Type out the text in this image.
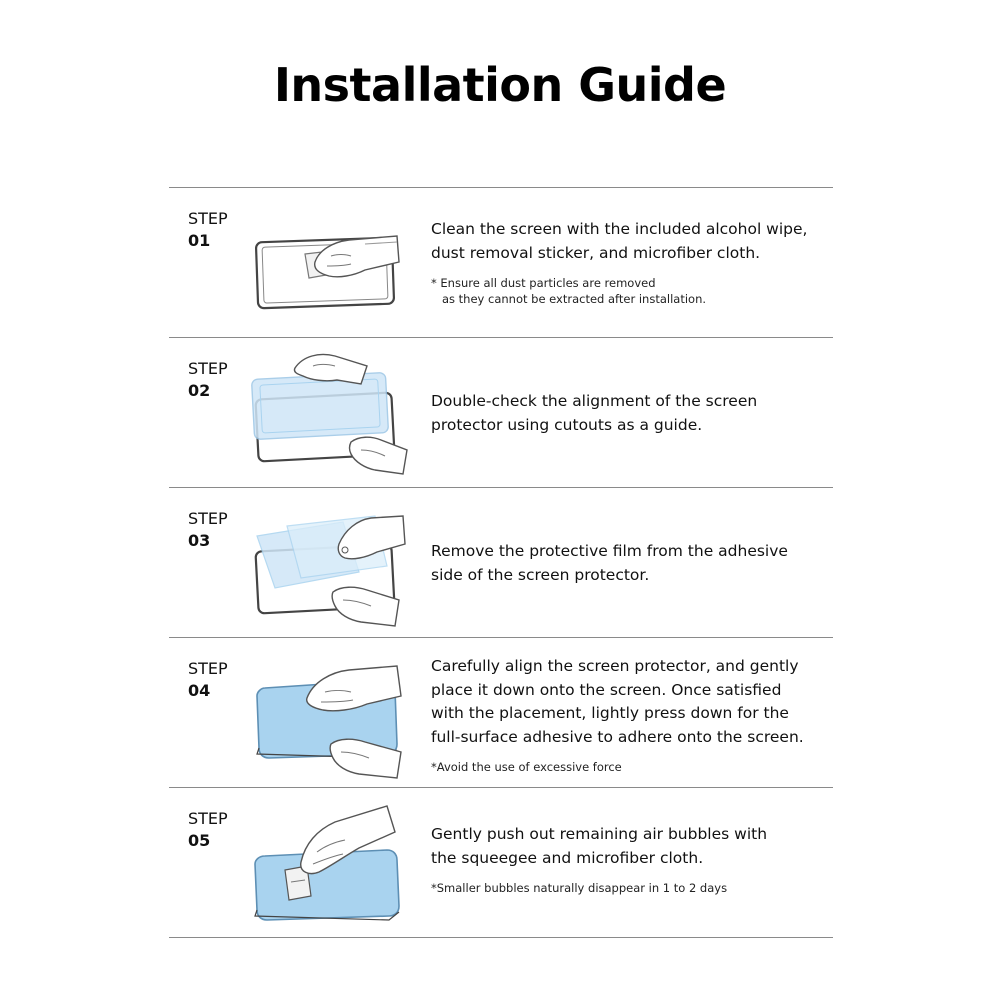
Installation Guide
STEP
01

Clean the screen with the included alcohol wipe,

dust removal sticker, and microfiber cloth.

* Ensure all dust particles are removed
as they cannot be extracted after installation.

STEP
02

Double-check the alignment of the screen

protector using cutouts as a guide.

STEP
03

Remove the protective film from the adhesive

side of the screen protector.

STEP
04

Carefully align the screen protector, and gently

place it down onto the screen. Once satisfied

with the placement, lightly press down for the

full-surface adhesive to adhere onto the screen.

*Avoid the use of excessive force

STEP
05	Gently push out remaining air bubbles with

the squeegee and microfiber cloth.

*Smaller bubbles naturally disappear in 1 to 2 days
